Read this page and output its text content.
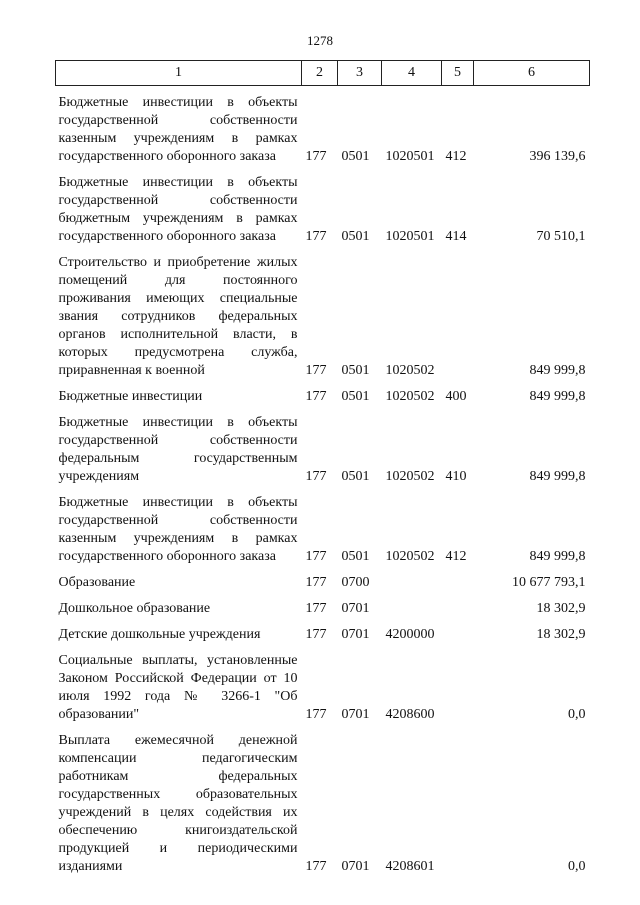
1278
1	2	3	4	5	6
Бюджетные инвестиции в объекты государственной собственности казенным учреждениям в рамках государственного оборонного заказа	177	0501	1020501	412	396 139,6
Бюджетные инвестиции в объекты государственной собственности бюджетным учреждениям в рамках государственного оборонного заказа	177	0501	1020501	414	70 510,1
Строительство и приобретение жилых помещений для постоянного проживания имеющих специальные звания сотрудников федеральных органов исполнительной власти, в которых предусмотрена служба, приравненная к военной	177	0501	1020502		849 999,8
Бюджетные инвестиции	177	0501	1020502	400	849 999,8
Бюджетные инвестиции в объекты государственной собственности федеральным государственным учреждениям	177	0501	1020502	410	849 999,8
Бюджетные инвестиции в объекты государственной собственности казенным учреждениям в рамках государственного оборонного заказа	177	0501	1020502	412	849 999,8
Образование	177	0700			10 677 793,1
Дошкольное образование	177	0701			18 302,9
Детские дошкольные учреждения	177	0701	4200000		18 302,9
Социальные выплаты, установленные Законом Российской Федерации от 10 июля 1992 года № 3266-1 "Об образовании"	177	0701	4208600		0,0
Выплата ежемесячной денежной компенсации педагогическим работникам федеральных государственных образовательных учреждений в целях содействия их обеспечению книгоиздательской продукцией и периодическими изданиями	177	0701	4208601		0,0
